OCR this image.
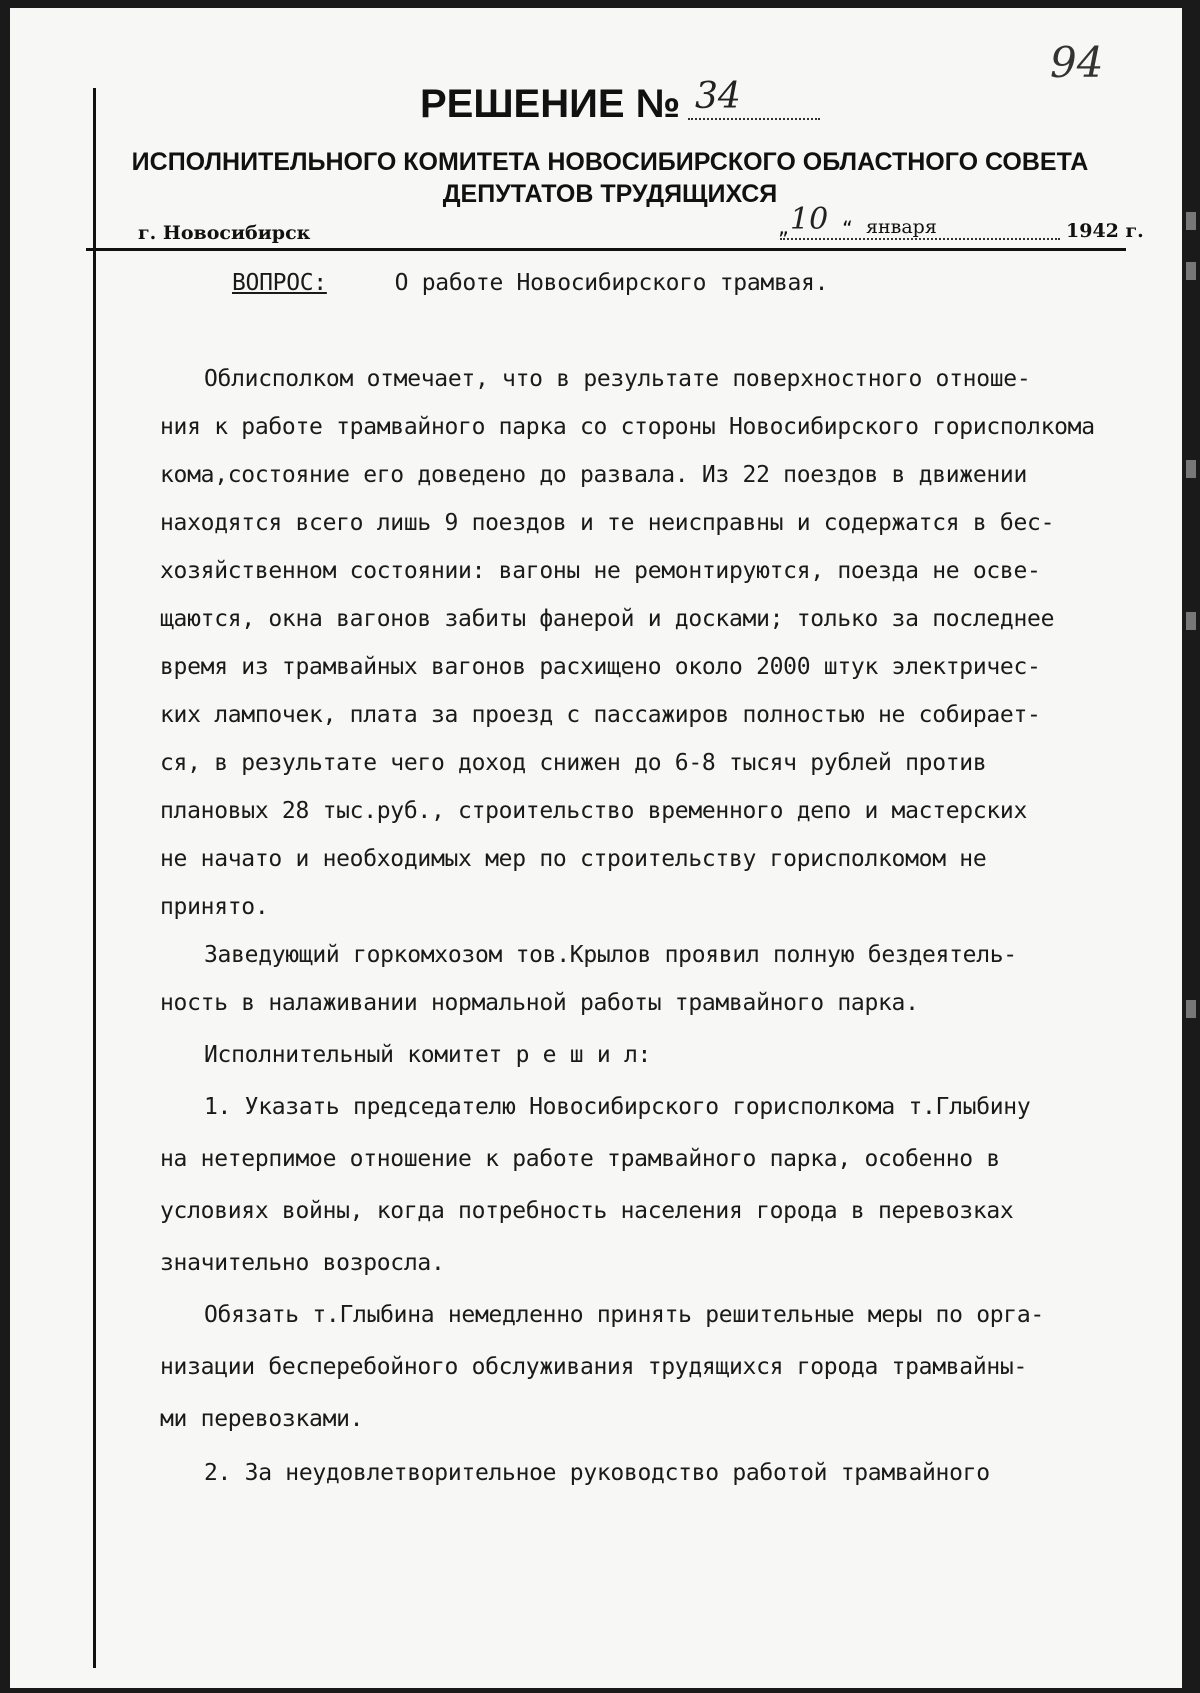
94
РЕШЕНИЕ № 34
ИСПОЛНИТЕЛЬНОГО КОМИТЕТА НОВОСИБИРСКОГО ОБЛАСТНОГО СОВЕТА
ДЕПУТАТОВ ТРУДЯЩИХСЯ
г. Новосибирск	„ 10 “ января	1942 г.
ВОПРОС:	О работе Новосибирского трамвая.
Облисполком отмечает, что в результате поверхностного отноше-
ния к работе трамвайного парка со стороны Новосибирского горисполкома
кома,состояние его доведено до развала. Из 22 поездов в движении
находятся всего лишь 9 поездов и те неисправны и содержатся в бес-
хозяйственном состоянии: вагоны не ремонтируются, поезда не осве-
щаются, окна вагонов забиты фанерой и досками; только за последнее
время из трамвайных вагонов расхищено около 2000 штук электричес-
ких лампочек, плата за проезд с пассажиров полностью не собирает-
ся, в результате чего доход снижен до 6-8 тысяч рублей против
плановых 28 тыс.руб., строительство временного депо и мастерских
не начато и необходимых мер по строительству горисполкомом не
принято.
Заведующий горкомхозом тов.Крылов проявил полную бездеятель-
ность в налаживании нормальной работы трамвайного парка.
Исполнительный комитет р е ш и л:
1. Указать председателю Новосибирского горисполкома т.Глыбину
на нетерпимое отношение к работе трамвайного парка, особенно в
условиях войны, когда потребность населения города в перевозках
значительно возросла.
Обязать т.Глыбина немедленно принять решительные меры по орга-
низации бесперебойного обслуживания трудящихся города трамвайны-
ми перевозками.
2. За неудовлетворительное руководство работой трамвайного
